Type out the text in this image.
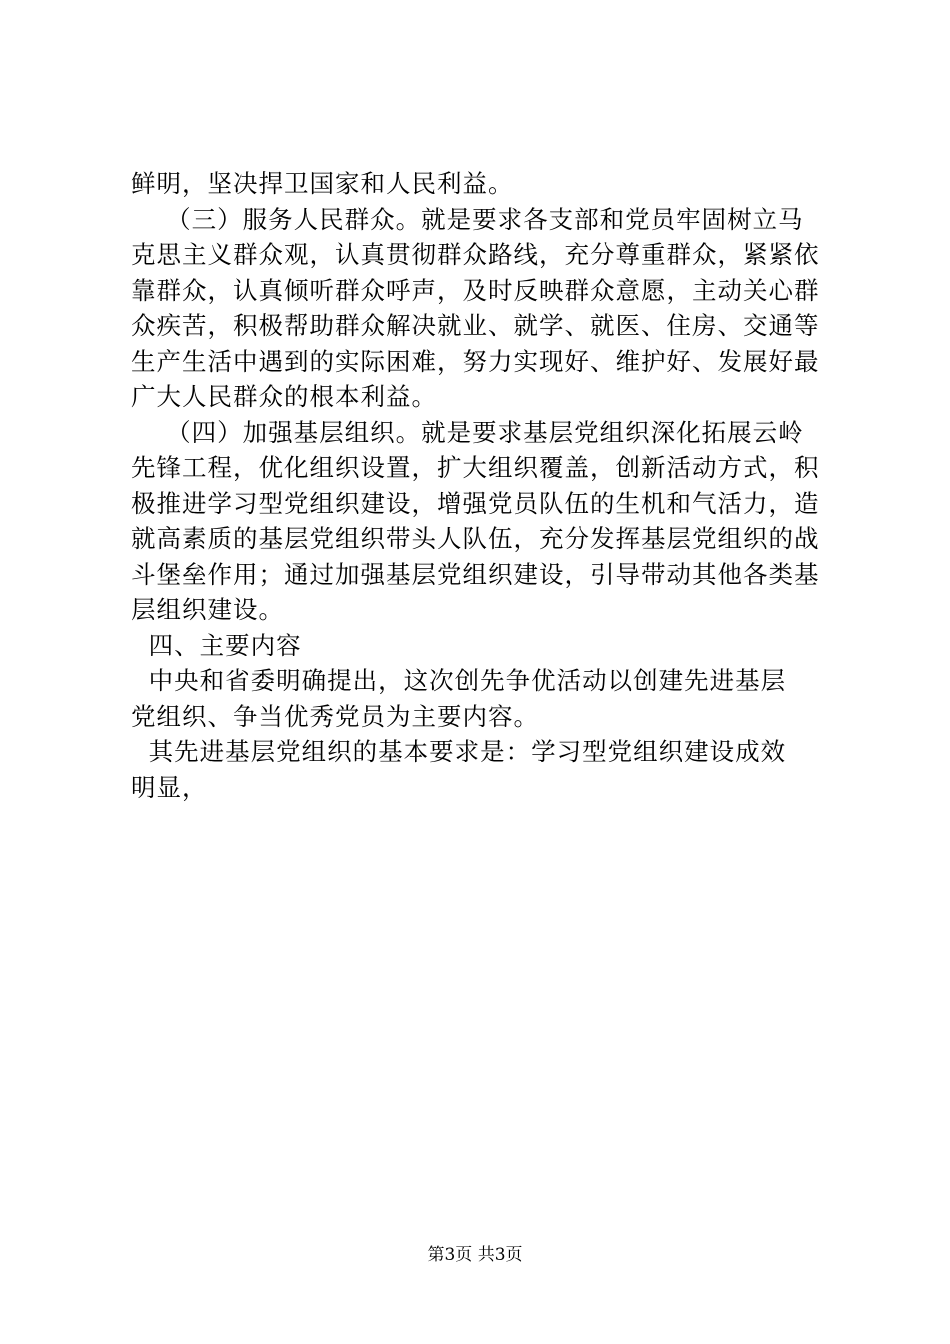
鲜明，坚决捍卫国家和人民利益。
（三）服务人民群众。就是要求各支部和党员牢固树立马
克思主义群众观，认真贯彻群众路线，充分尊重群众，紧紧依
靠群众，认真倾听群众呼声，及时反映群众意愿，主动关心群
众疾苦，积极帮助群众解决就业、就学、就医、住房、交通等
生产生活中遇到的实际困难，努力实现好、维护好、发展好最
广大人民群众的根本利益。
（四）加强基层组织。就是要求基层党组织深化拓展云岭
先锋工程，优化组织设置，扩大组织覆盖，创新活动方式，积
极推进学习型党组织建设，增强党员队伍的生机和气活力，造
就高素质的基层党组织带头人队伍，充分发挥基层党组织的战
斗堡垒作用；通过加强基层党组织建设，引导带动其他各类基
层组织建设。
四、主要内容
中央和省委明确提出，这次创先争优活动以创建先进基层
党组织、争当优秀党员为主要内容。
其先进基层党组织的基本要求是：学习型党组织建设成效
明显，
第3页 共3页
